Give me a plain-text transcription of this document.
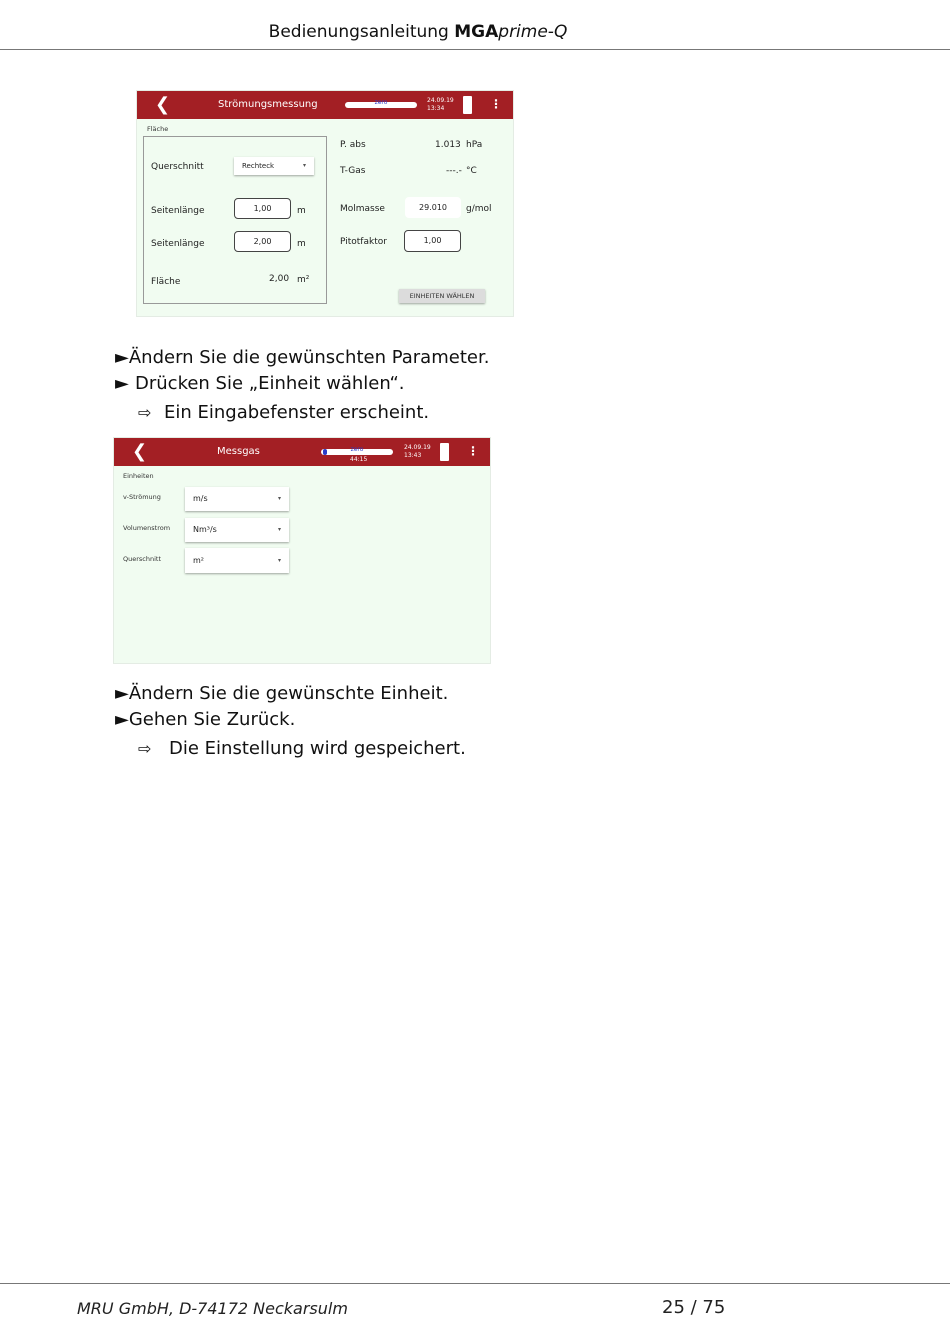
Bedienungsanleitung MGAprime-Q
❮	Strömungsmessung	zero	24.09.19
13:34	⋮
Fläche
Querschnitt	Rechteck	▾
Seitenlänge	1,00	m
Seitenlänge	2,00	m
Fläche	2,00 m²
P. abs	1.013 hPa
T-Gas	---.- °C
Molmasse	29.010	g/mol
Pitotfaktor	1,00
EINHEITEN WÄHLEN
►Ändern Sie die gewünschten Parameter.
► Drücken Sie „Einheit wählen“.
⇨ Ein Eingabefenster erscheint.
❮	Messgas	zero
44:15
24.09.19
13:43	⋮
Einheiten
v-Strömung	m/s	▾
Volumenstrom	Nm³/s	▾
Querschnitt	m²	▾
►Ändern Sie die gewünschte Einheit.
►Gehen Sie Zurück.
⇨ Die Einstellung wird gespeichert.
MRU GmbH, D-74172 Neckarsulm	25 / 75
